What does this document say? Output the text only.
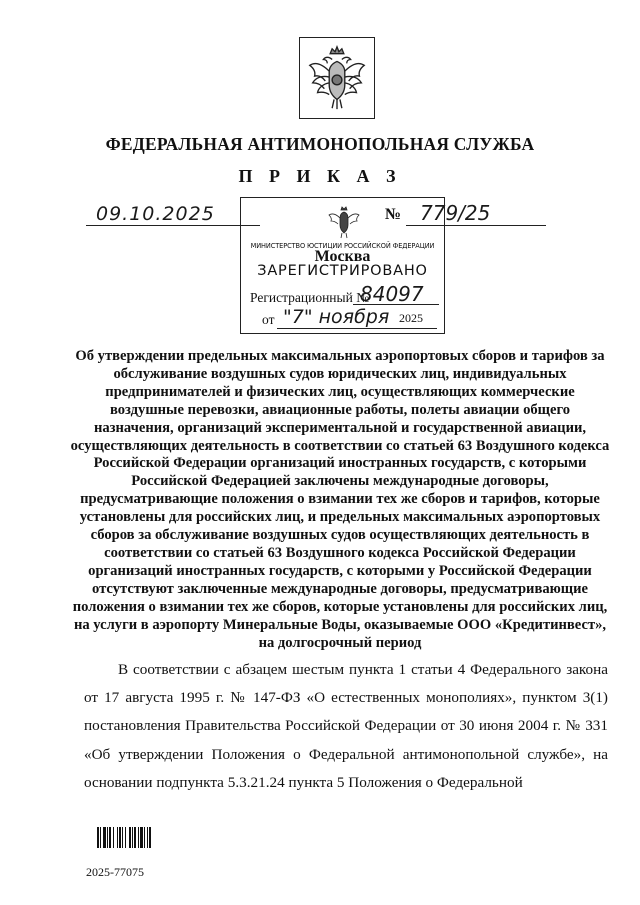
ФЕДЕРАЛЬНАЯ АНТИМОНОПОЛЬНАЯ СЛУЖБА
П Р И К А З
09.10.2025	№ 779/25
МИНИСТЕРСТВО ЮСТИЦИИ РОССИЙСКОЙ ФЕДЕРАЦИИ
Москва
ЗАРЕГИСТРИРОВАНО
Регистрационный №
84097
от "7" ноября 2025

Об утверждении предельных максимальных аэропортовых сборов и тарифов за обслуживание воздушных судов юридических лиц, индивидуальных предпринимателей и физических лиц, осуществляющих коммерческие воздушные перевозки, авиационные работы, полеты авиации общего назначения, организаций экспериментальной и государственной авиации, осуществляющих деятельность в соответствии со статьей 63 Воздушного кодекса Российской Федерации организаций иностранных государств, с которыми Российской Федерацией заключены международные договоры, предусматривающие положения о взимании тех же сборов и тарифов, которые установлены для российских лиц, и предельных максимальных аэропортовых сборов за обслуживание воздушных судов осуществляющих деятельность в соответствии со статьей 63 Воздушного кодекса Российской Федерации организаций иностранных государств, с которыми у Российской Федерации отсутствуют заключенные международные договоры, предусматривающие положения о взимании тех же сборов, которые установлены для российских лиц, на услуги в аэропорту Минеральные Воды, оказываемые ООО «Кредитинвест», на долгосрочный период

В соответствии с абзацем шестым пункта 1 статьи 4 Федерального закона от 17 августа 1995 г. № 147-ФЗ «О естественных монополиях», пунктом 3(1) постановления Правительства Российской Федерации от 30 июня 2004 г. № 331 «Об утверждении Положения о Федеральной антимонопольной службе», на основании подпункта 5.3.21.24 пункта 5 Положения о Федеральной

2025-77075
